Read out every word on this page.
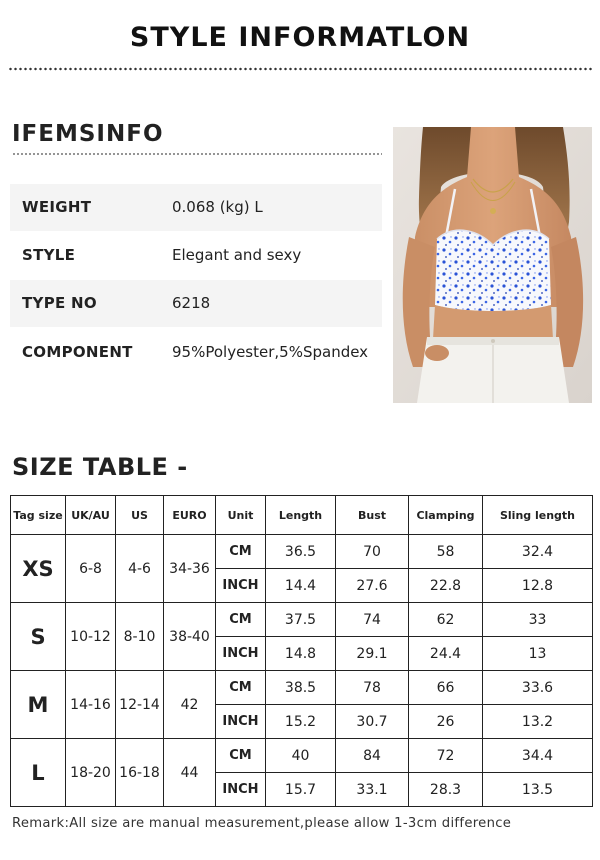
STYLE INFORMATLON
IFEMSINFO
WEIGHT	0.068 (kg) L
STYLE	Elegant and sexy
TYPE NO	6218
COMPONENT	95%Polyester,5%Spandex
SIZE TABLE -
Tag size	UK/AU	US	EURO	Unit	Length	Bust	Clamping	Sling length
XS	6-8	4-6	34-36	CM	36.5	70	58	32.4
				INCH	14.4	27.6	22.8	12.8
S	10-12	8-10	38-40	CM	37.5	74	62	33
				INCH	14.8	29.1	24.4	13
M	14-16	12-14	42	CM	38.5	78	66	33.6
				INCH	15.2	30.7	26	13.2
L	18-20	16-18	44	CM	40	84	72	34.4
				INCH	15.7	33.1	28.3	13.5

Remark:All size are manual measurement,please allow 1-3cm difference
